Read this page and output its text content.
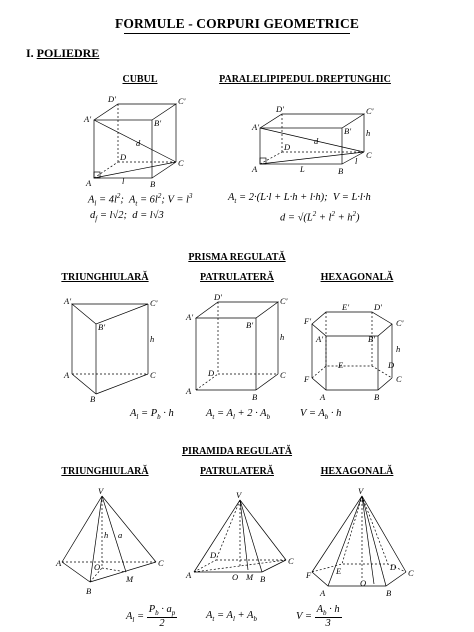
FORMULE - CORPURI GEOMETRICE
I. POLIEDRE
CUBUL
A'	B'
C'
D'
A	B
C
D
l
d
$A_l = 4l^2$;  $A_t = 6l^2$; $V = l^3$
$d_f = l√2$;  d = l√3
PARALELIPIPEDUL DREPTUNGHIC
A'	B'
C'
D'
A	B
C
D
L
l
h
d
$A_t = 2\cdot(L\cdot l + L\cdot h + l\cdot h)$;  V = L·l·h
$d = √(L^2 + l^2 + h^2)$
PRISMA REGULATĂ
TRIUNGHIULARĂ	PATRULATERĂ	HEXAGONALĂ
A'	C'
B'
A	C
B
h
A'
B'
C'
D'
A
B
C
D
h
F'
E'	D'
C'
B'
A'
F
E	D
C
B
A
h
$A_l = P_b \cdot h$	$A_t = A_l + 2 \cdot A_b$	$V = A_b \cdot h$
PIRAMIDA REGULATĂ
TRIUNGHIULARĂ	PATRULATERĂ	HEXAGONALĂ
V
A	C
B
O
M
h a
V
A	B
C
D
O M
V
F	E	D
C
B
A
O
$A_l = \frac{P_b \cdot a_p}{2}$	$A_t = A_l + A_b$	$V = \frac{A_b \cdot h}{3}$
